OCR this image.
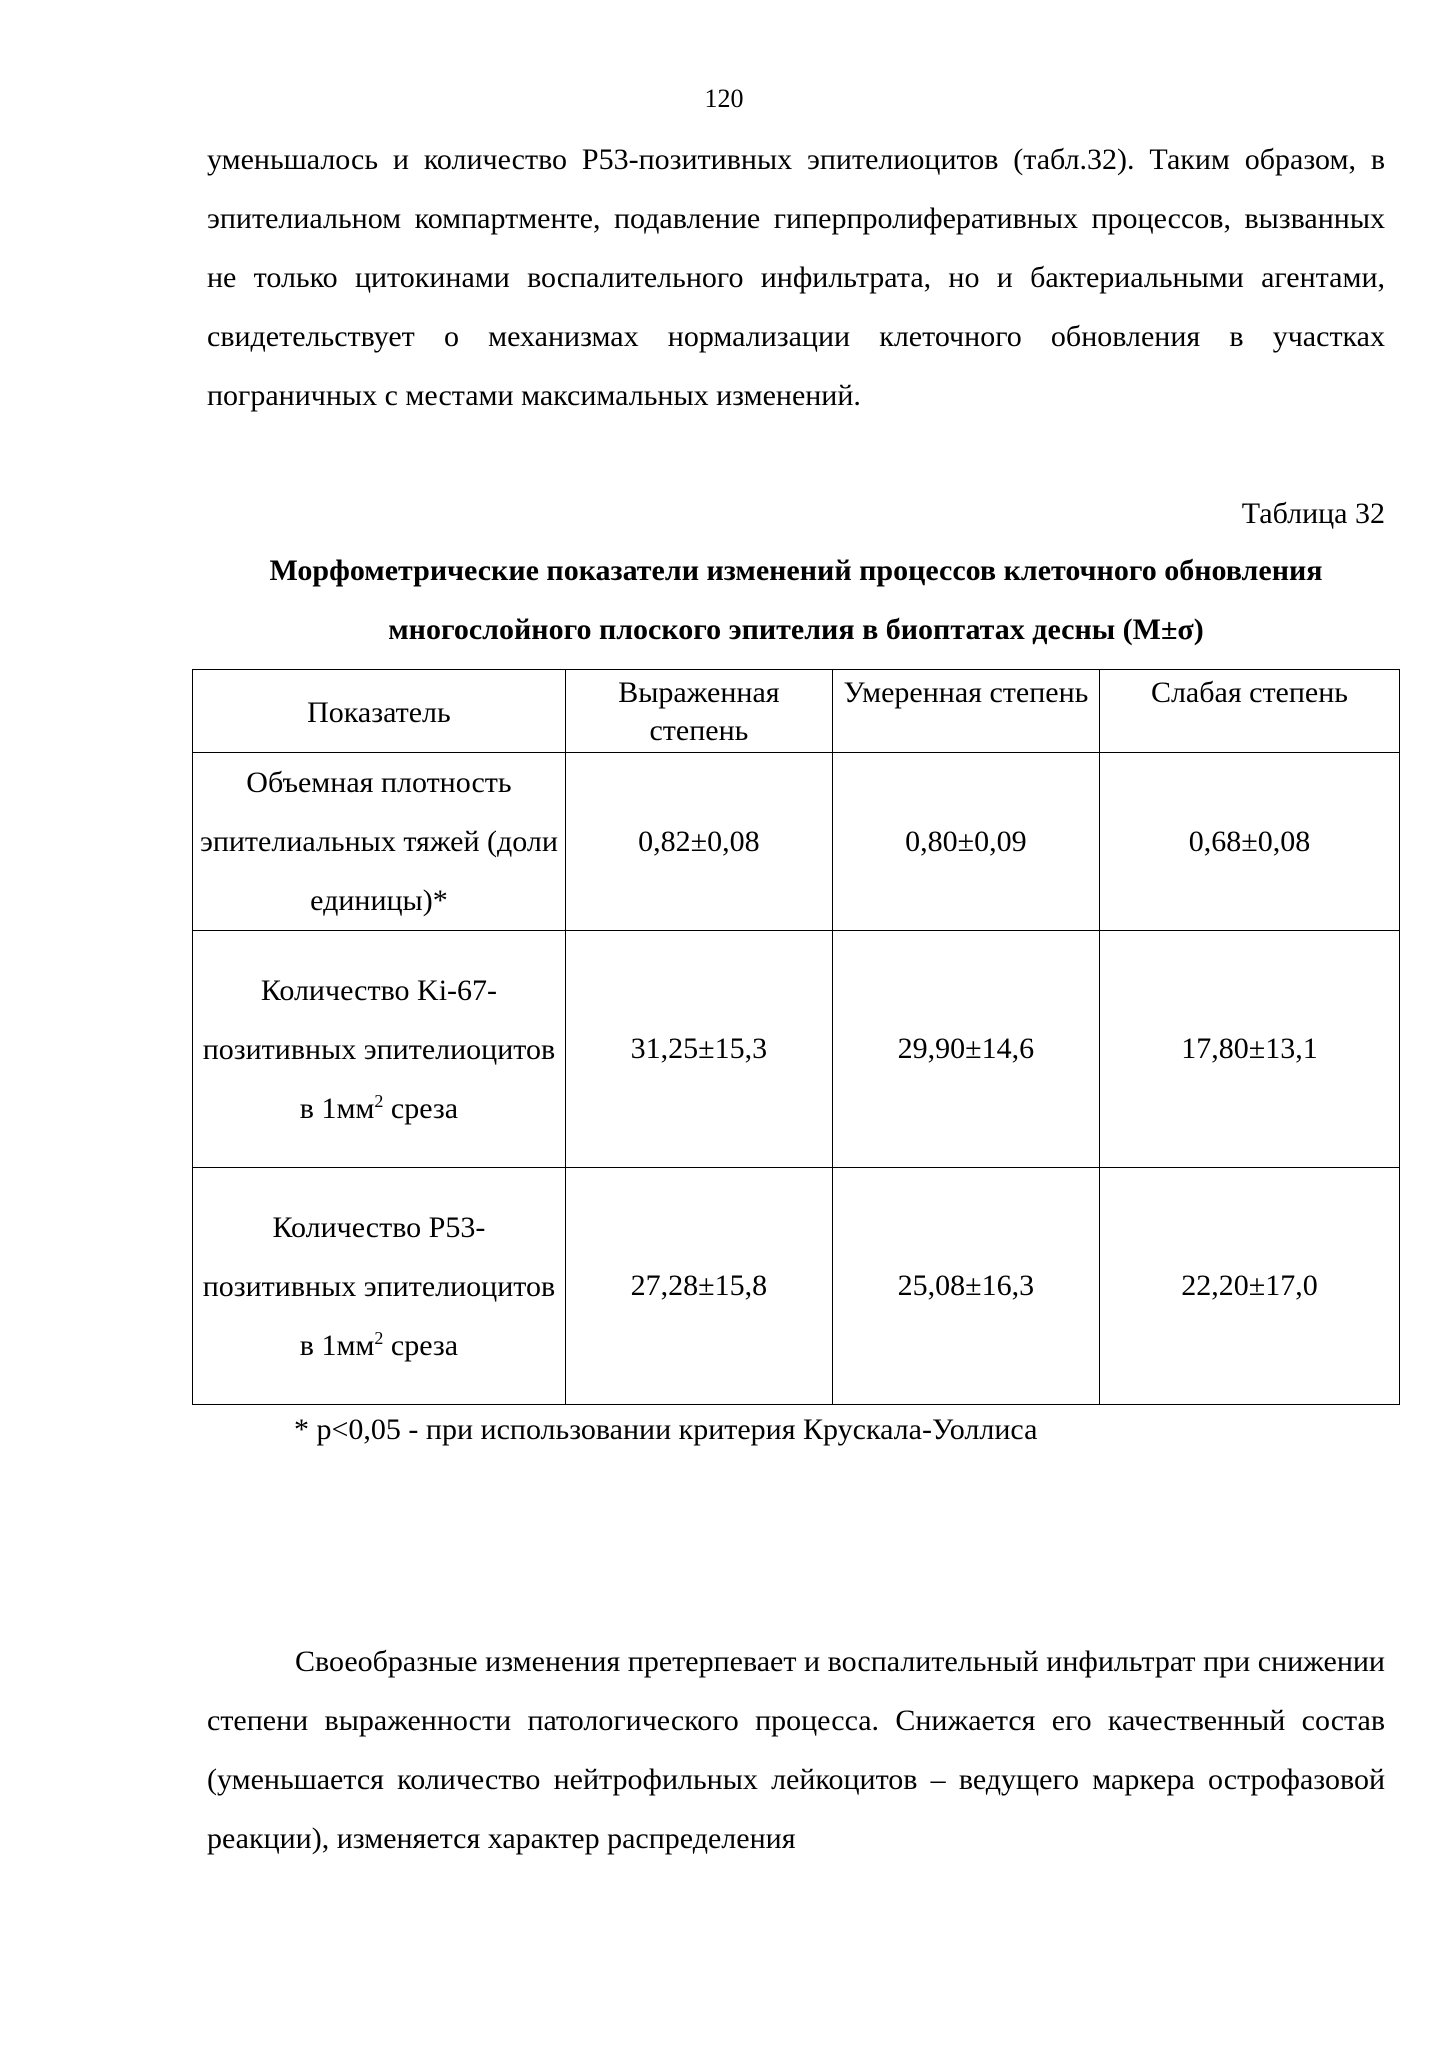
120

уменьшалось и количество Р53-позитивных эпителиоцитов (табл.32). Таким образом, в эпителиальном компартменте, подавление гиперпролиферативных процессов, вызванных не только цитокинами воспалительного инфильтрата, но и бактериальными агентами, свидетельствует о механизмах нормализации клеточного обновления в участках пограничных с местами максимальных изменений.

Таблица 32

Морфометрические показатели изменений процессов клеточного обновления многослойного плоского эпителия в биоптатах десны (М±σ)

Показатель	Выраженная степень	Умеренная степень	Слабая степень
Объемная плотность эпителиальных тяжей (доли единицы)*	0,82±0,08	0,80±0,09	0,68±0,08
Количество Ki-67-позитивных эпителиоцитов в $1мм^2$ среза	31,25±15,3	29,90±14,6	17,80±13,1
Количество Р53-позитивных эпителиоцитов в $1мм^2$ среза	27,28±15,8	25,08±16,3	22,20±17,0
* р<0,05 - при использовании критерия Крускала-Уоллиса

Своеобразные изменения претерпевает и воспалительный инфильтрат при снижении степени выраженности патологического процесса. Снижается его качественный состав (уменьшается количество нейтрофильных лейкоцитов – ведущего маркера острофазовой реакции), изменяется характер распределения
